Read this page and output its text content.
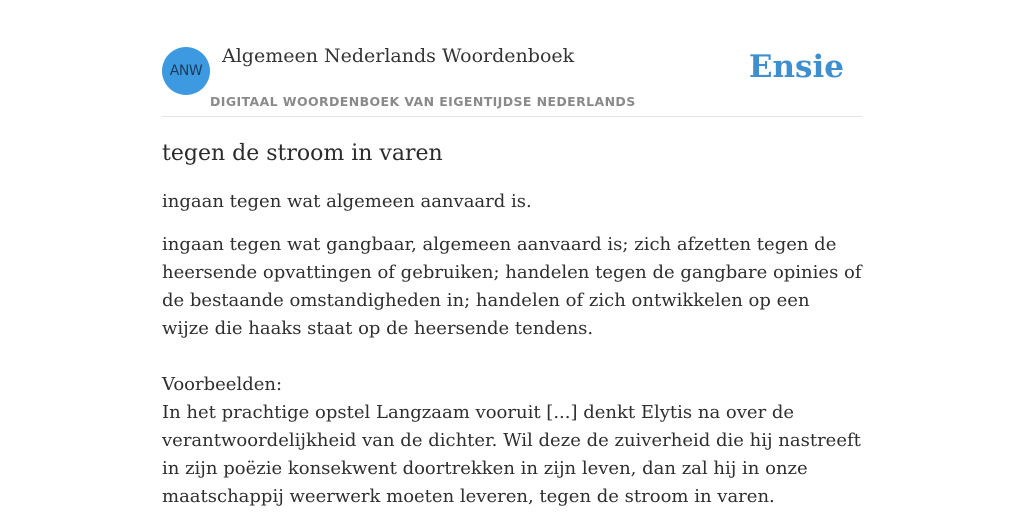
ANW
Algemeen Nederlands Woordenboek
DIGITAAL WOORDENBOEK VAN EIGENTIJDSE NEDERLANDS
Ensie
tegen de stroom in varen

ingaan tegen wat algemeen aanvaard is.

ingaan tegen wat gangbaar, algemeen aanvaard is; zich afzetten tegen de heersende opvattingen of gebruiken; handelen tegen de gangbare opinies of de bestaande omstandigheden in; handelen of zich ontwikkelen op een wijze die haaks staat op de heersende tendens.

Voorbeelden:

In het prachtige opstel Langzaam vooruit [...] denkt Elytis na over de verantwoordelijkheid van de dichter. Wil deze de zuiverheid die hij nastreeft in zijn poëzie konsekwent doortrekken in zijn leven, dan zal hij in onze maatschappij weerwerk moeten leveren, tegen de stroom in varen.
